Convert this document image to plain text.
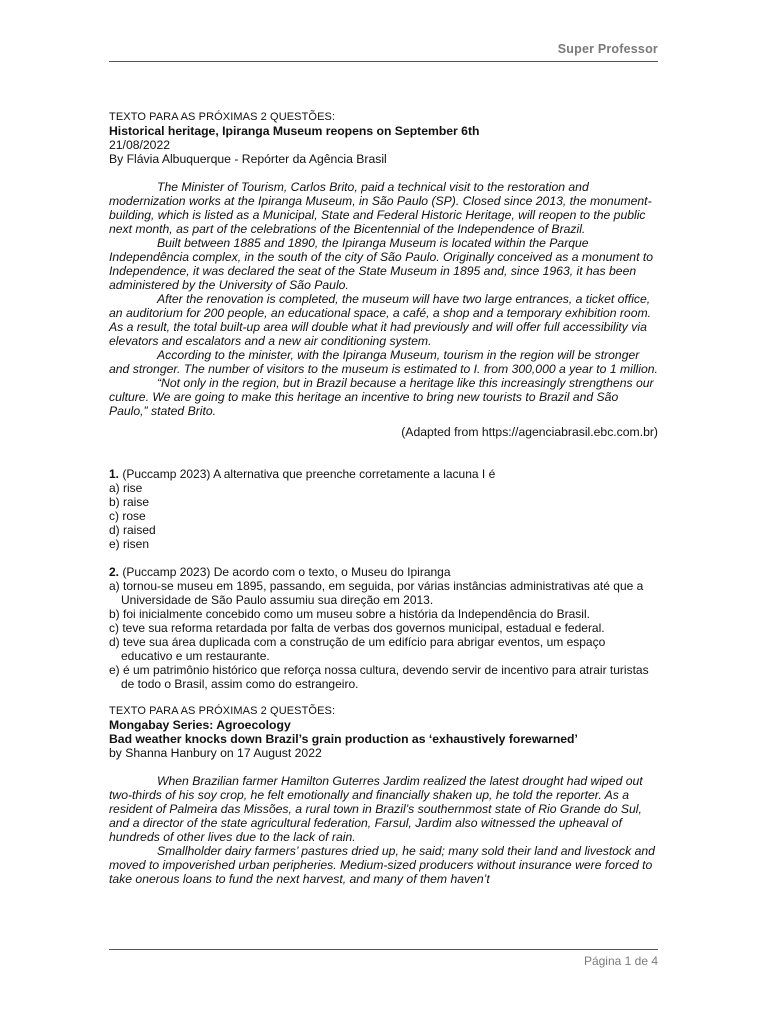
Super Professor
TEXTO PARA AS PRÓXIMAS 2 QUESTÕES:
Historical heritage, Ipiranga Museum reopens on September 6th
21/08/2022
By Flávia Albuquerque - Repórter da Agência Brasil

The Minister of Tourism, Carlos Brito, paid a technical visit to the restoration and modernization works at the Ipiranga Museum, in São Paulo (SP). Closed since 2013, the monument-building, which is listed as a Municipal, State and Federal Historic Heritage, will reopen to the public next month, as part of the celebrations of the Bicentennial of the Independence of Brazil.

Built between 1885 and 1890, the Ipiranga Museum is located within the Parque Independência complex, in the south of the city of São Paulo. Originally conceived as a monument to Independence, it was declared the seat of the State Museum in 1895 and, since 1963, it has been administered by the University of São Paulo.

After the renovation is completed, the museum will have two large entrances, a ticket office, an auditorium for 200 people, an educational space, a café, a shop and a temporary exhibition room. As a result, the total built-up area will double what it had previously and will offer full accessibility via elevators and escalators and a new air conditioning system.

According to the minister, with the Ipiranga Museum, tourism in the region will be stronger and stronger. The number of visitors to the museum is estimated to I. from 300,000 a year to 1 million.

“Not only in the region, but in Brazil because a heritage like this increasingly strengthens our culture. We are going to make this heritage an incentive to bring new tourists to Brazil and São Paulo,” stated Brito.

(Adapted from https://agenciabrasil.ebc.com.br)
1. (Puccamp 2023) A alternativa que preenche corretamente a lacuna I é
a) rise
b) raise
c) rose
d) raised
e) risen
2. (Puccamp 2023) De acordo com o texto, o Museu do Ipiranga
a) tornou-se museu em 1895, passando, em seguida, por várias instâncias administrativas até que a Universidade de São Paulo assumiu sua direção em 2013.
b) foi inicialmente concebido como um museu sobre a história da Independência do Brasil.
c) teve sua reforma retardada por falta de verbas dos governos municipal, estadual e federal.
d) teve sua área duplicada com a construção de um edifício para abrigar eventos, um espaço educativo e um restaurante.
e) é um patrimônio histórico que reforça nossa cultura, devendo servir de incentivo para atrair turistas de todo o Brasil, assim como do estrangeiro.
TEXTO PARA AS PRÓXIMAS 2 QUESTÕES:
Mongabay Series: Agroecology
Bad weather knocks down Brazil’s grain production as ‘exhaustively forewarned’
by Shanna Hanbury on 17 August 2022

When Brazilian farmer Hamilton Guterres Jardim realized the latest drought had wiped out two-thirds of his soy crop, he felt emotionally and financially shaken up, he told the reporter. As a resident of Palmeira das Missões, a rural town in Brazil’s southernmost state of Rio Grande do Sul, and a director of the state agricultural federation, Farsul, Jardim also witnessed the upheaval of hundreds of other lives due to the lack of rain.

Smallholder dairy farmers’ pastures dried up, he said; many sold their land and livestock and moved to impoverished urban peripheries. Medium-sized producers without insurance were forced to take onerous loans to fund the next harvest, and many of them haven’t

Página 1 de 4
